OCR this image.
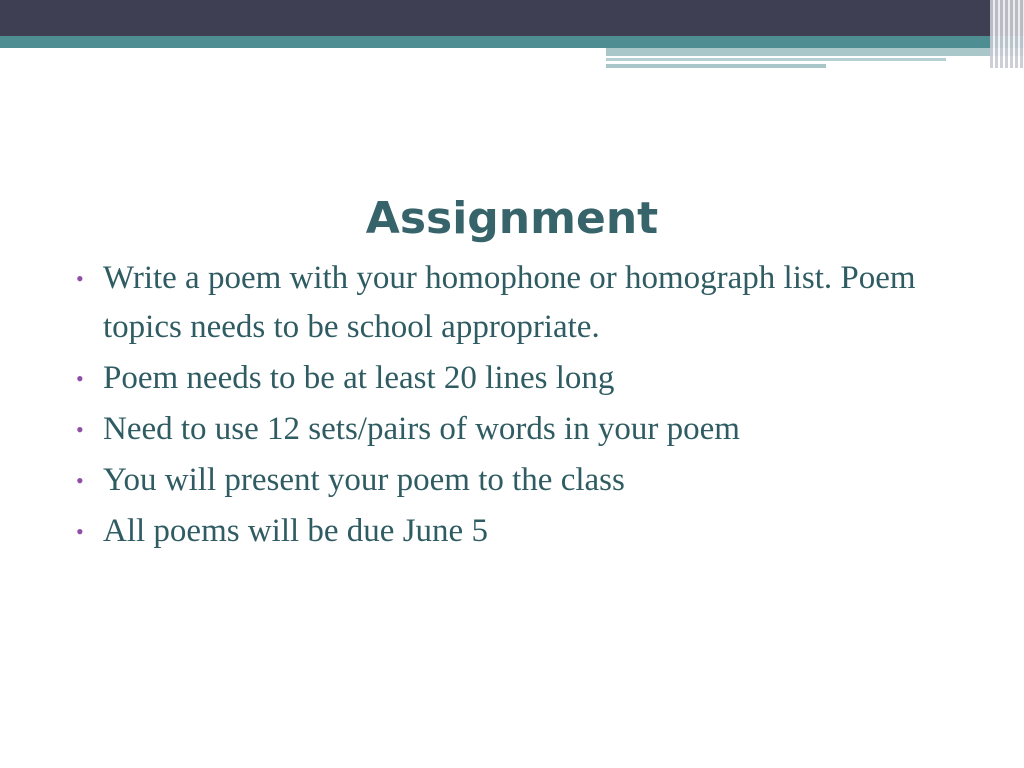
Assignment
• Write a poem with your homophone or homograph list. Poem topics needs to be school appropriate.
• Poem needs to be at least 20 lines long
• Need to use 12 sets/pairs of words in your poem
• You will present your poem to the class
• All poems will be due June 5
